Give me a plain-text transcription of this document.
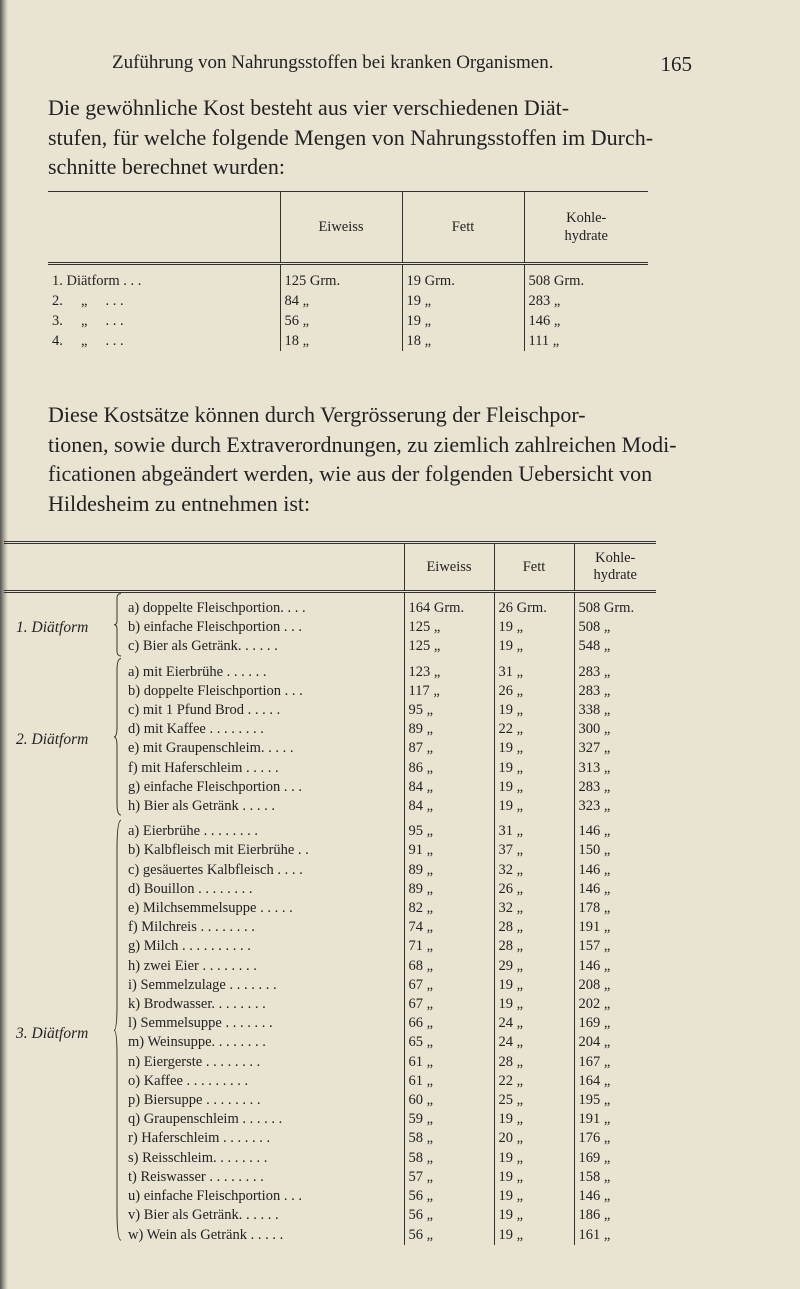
Zuführung von Nahrungsstoffen bei kranken Organismen.	165
Die gewöhnliche Kost besteht aus vier verschiedenen Diät-
stufen, für welche folgende Mengen von Nahrungsstoffen im Durch-
schnitte berechnet wurden:
	Eiweiss	Fett	Kohle-
hydrate
1. Diätform . . .	125 Grm.	19 Grm.	508 Grm.
2.     „     . . .	84 „	19 „	283 „
3.     „     . . .	56 „	19 „	146 „
4.     „     . . .	18 „	18 „	111 „
Diese Kostsätze können durch Vergrösserung der Fleischpor-
tionen, sowie durch Extraverordnungen, zu ziemlich zahlreichen Modi-
ficationen abgeändert werden, wie aus der folgenden Uebersicht von
Hildesheim zu entnehmen ist:
		Eiweiss	Fett	Kohle-
hydrate
1. Diätform	a) doppelte Fleischportion. . . .	164 Grm.	26 Grm.	508 Grm.
	b) einfache Fleischportion . . .	125 „	19 „	508 „
	c) Bier als Getränk. . . . . .	125 „	19 „	548 „
2. Diätform	a) mit Eierbrühe . . . . . .	123 „	31 „	283 „
	b) doppelte Fleischportion . . .	117 „	26 „	283 „
	c) mit 1 Pfund Brod . . . . .	95 „	19 „	338 „
	d) mit Kaffee . . . . . . . .	89 „	22 „	300 „
	e) mit Graupenschleim. . . . .	87 „	19 „	327 „
	f) mit Haferschleim . . . . .	86 „	19 „	313 „
	g) einfache Fleischportion . . .	84 „	19 „	283 „
	h) Bier als Getränk . . . . .	84 „	19 „	323 „
3. Diätform	a) Eierbrühe . . . . . . . .	95 „	31 „	146 „
	b) Kalbfleisch mit Eierbrühe . .	91 „	37 „	150 „
	c) gesäuertes Kalbfleisch . . . .	89 „	32 „	146 „
	d) Bouillon . . . . . . . .	89 „	26 „	146 „
	e) Milchsemmelsuppe . . . . .	82 „	32 „	178 „
	f) Milchreis . . . . . . . .	74 „	28 „	191 „
	g) Milch . . . . . . . . . .	71 „	28 „	157 „
	h) zwei Eier . . . . . . . .	68 „	29 „	146 „
	i) Semmelzulage . . . . . . .	67 „	19 „	208 „
	k) Brodwasser. . . . . . . .	67 „	19 „	202 „
	l) Semmelsuppe . . . . . . .	66 „	24 „	169 „
	m) Weinsuppe. . . . . . . .	65 „	24 „	204 „
	n) Eiergerste . . . . . . . .	61 „	28 „	167 „
	o) Kaffee . . . . . . . . .	61 „	22 „	164 „
	p) Biersuppe . . . . . . . .	60 „	25 „	195 „
	q) Graupenschleim . . . . . .	59 „	19 „	191 „
	r) Haferschleim . . . . . . .	58 „	20 „	176 „
	s) Reisschleim. . . . . . . .	58 „	19 „	169 „
	t) Reiswasser . . . . . . . .	57 „	19 „	158 „
	u) einfache Fleischportion . . .	56 „	19 „	146 „
	v) Bier als Getränk. . . . . .	56 „	19 „	186 „
	w) Wein als Getränk . . . . .	56 „	19 „	161 „
